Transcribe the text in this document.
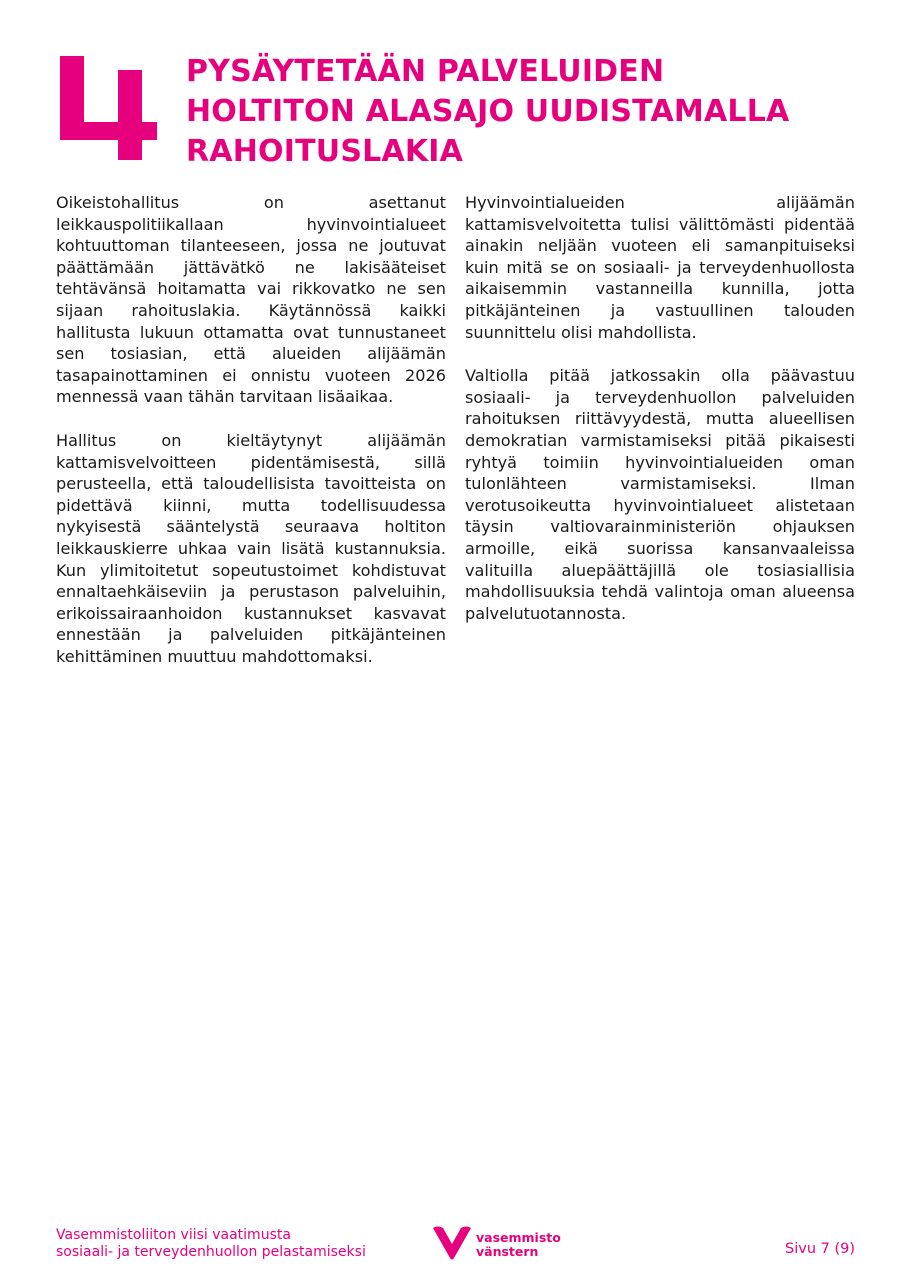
PYSÄYTETÄÄN PALVELUIDEN
HOLTITON ALASAJO UUDISTAMALLA
RAHOITUSLAKIA

Oikeistohallitus on asettanut leikkauspolitiikallaan hyvinvointialueet kohtuuttoman tilanteeseen, jossa ne joutuvat päättämään jättävätkö ne lakisääteiset tehtävänsä hoitamatta vai rikkovatko ne sen sijaan rahoituslakia. Käytännössä kaikki hallitusta lukuun ottamatta ovat tunnustaneet sen tosiasian, että alueiden alijäämän tasapainottaminen ei onnistu vuoteen 2026 mennessä vaan tähän tarvitaan lisäaikaa.

Hallitus on kieltäytynyt alijäämän kattamisvelvoitteen pidentämisestä, sillä perusteella, että taloudellisista tavoitteista on pidettävä kiinni, mutta todellisuudessa nykyisestä sääntelystä seuraava holtiton leikkauskierre uhkaa vain lisätä kustannuksia. Kun ylimitoitetut sopeutustoimet kohdistuvat ennaltaehkäiseviin ja perustason palveluihin, erikoissairaanhoidon kustannukset kasvavat ennestään ja palveluiden pitkäjänteinen kehittäminen muuttuu mahdottomaksi.

Hyvinvointialueiden alijäämän kattamisvelvoitetta tulisi välittömästi pidentää ainakin neljään vuoteen eli samanpituiseksi kuin mitä se on sosiaali- ja terveydenhuollosta aikaisemmin vastanneilla kunnilla, jotta pitkäjänteinen ja vastuullinen talouden suunnittelu olisi mahdollista.

Valtiolla pitää jatkossakin olla päävastuu sosiaali- ja terveydenhuollon palveluiden rahoituksen riittävyydestä, mutta alueellisen demokratian varmistamiseksi pitää pikaisesti ryhtyä toimiin hyvinvointialueiden oman tulonlähteen varmistamiseksi. Ilman verotusoikeutta hyvinvointialueet alistetaan täysin valtiovarainministeriön ohjauksen armoille, eikä suorissa kansanvaaleissa valituilla aluepäättäjillä ole tosiasiallisia mahdollisuuksia tehdä valintoja oman alueensa palvelutuotannosta.

Vasemmistoliiton viisi vaatimusta
sosiaali- ja terveydenhuollon pelastamiseksi
vasemmisto
vänstern	Sivu 7 (9)
